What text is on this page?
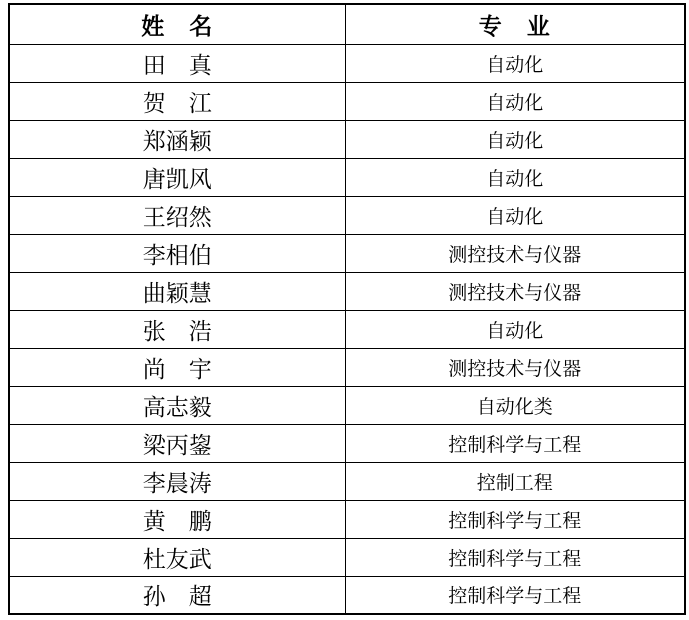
姓　名	专　业
田　真	自动化
贺　江	自动化
郑涵颖	自动化
唐凯风	自动化
王绍然	自动化
李相伯	测控技术与仪器
曲颖慧	测控技术与仪器
张　浩	自动化
尚　宇	测控技术与仪器
高志毅	自动化类
梁丙鋆	控制科学与工程
李晨涛	控制工程
黄　鹏	控制科学与工程
杜友武	控制科学与工程
孙　超	控制科学与工程
